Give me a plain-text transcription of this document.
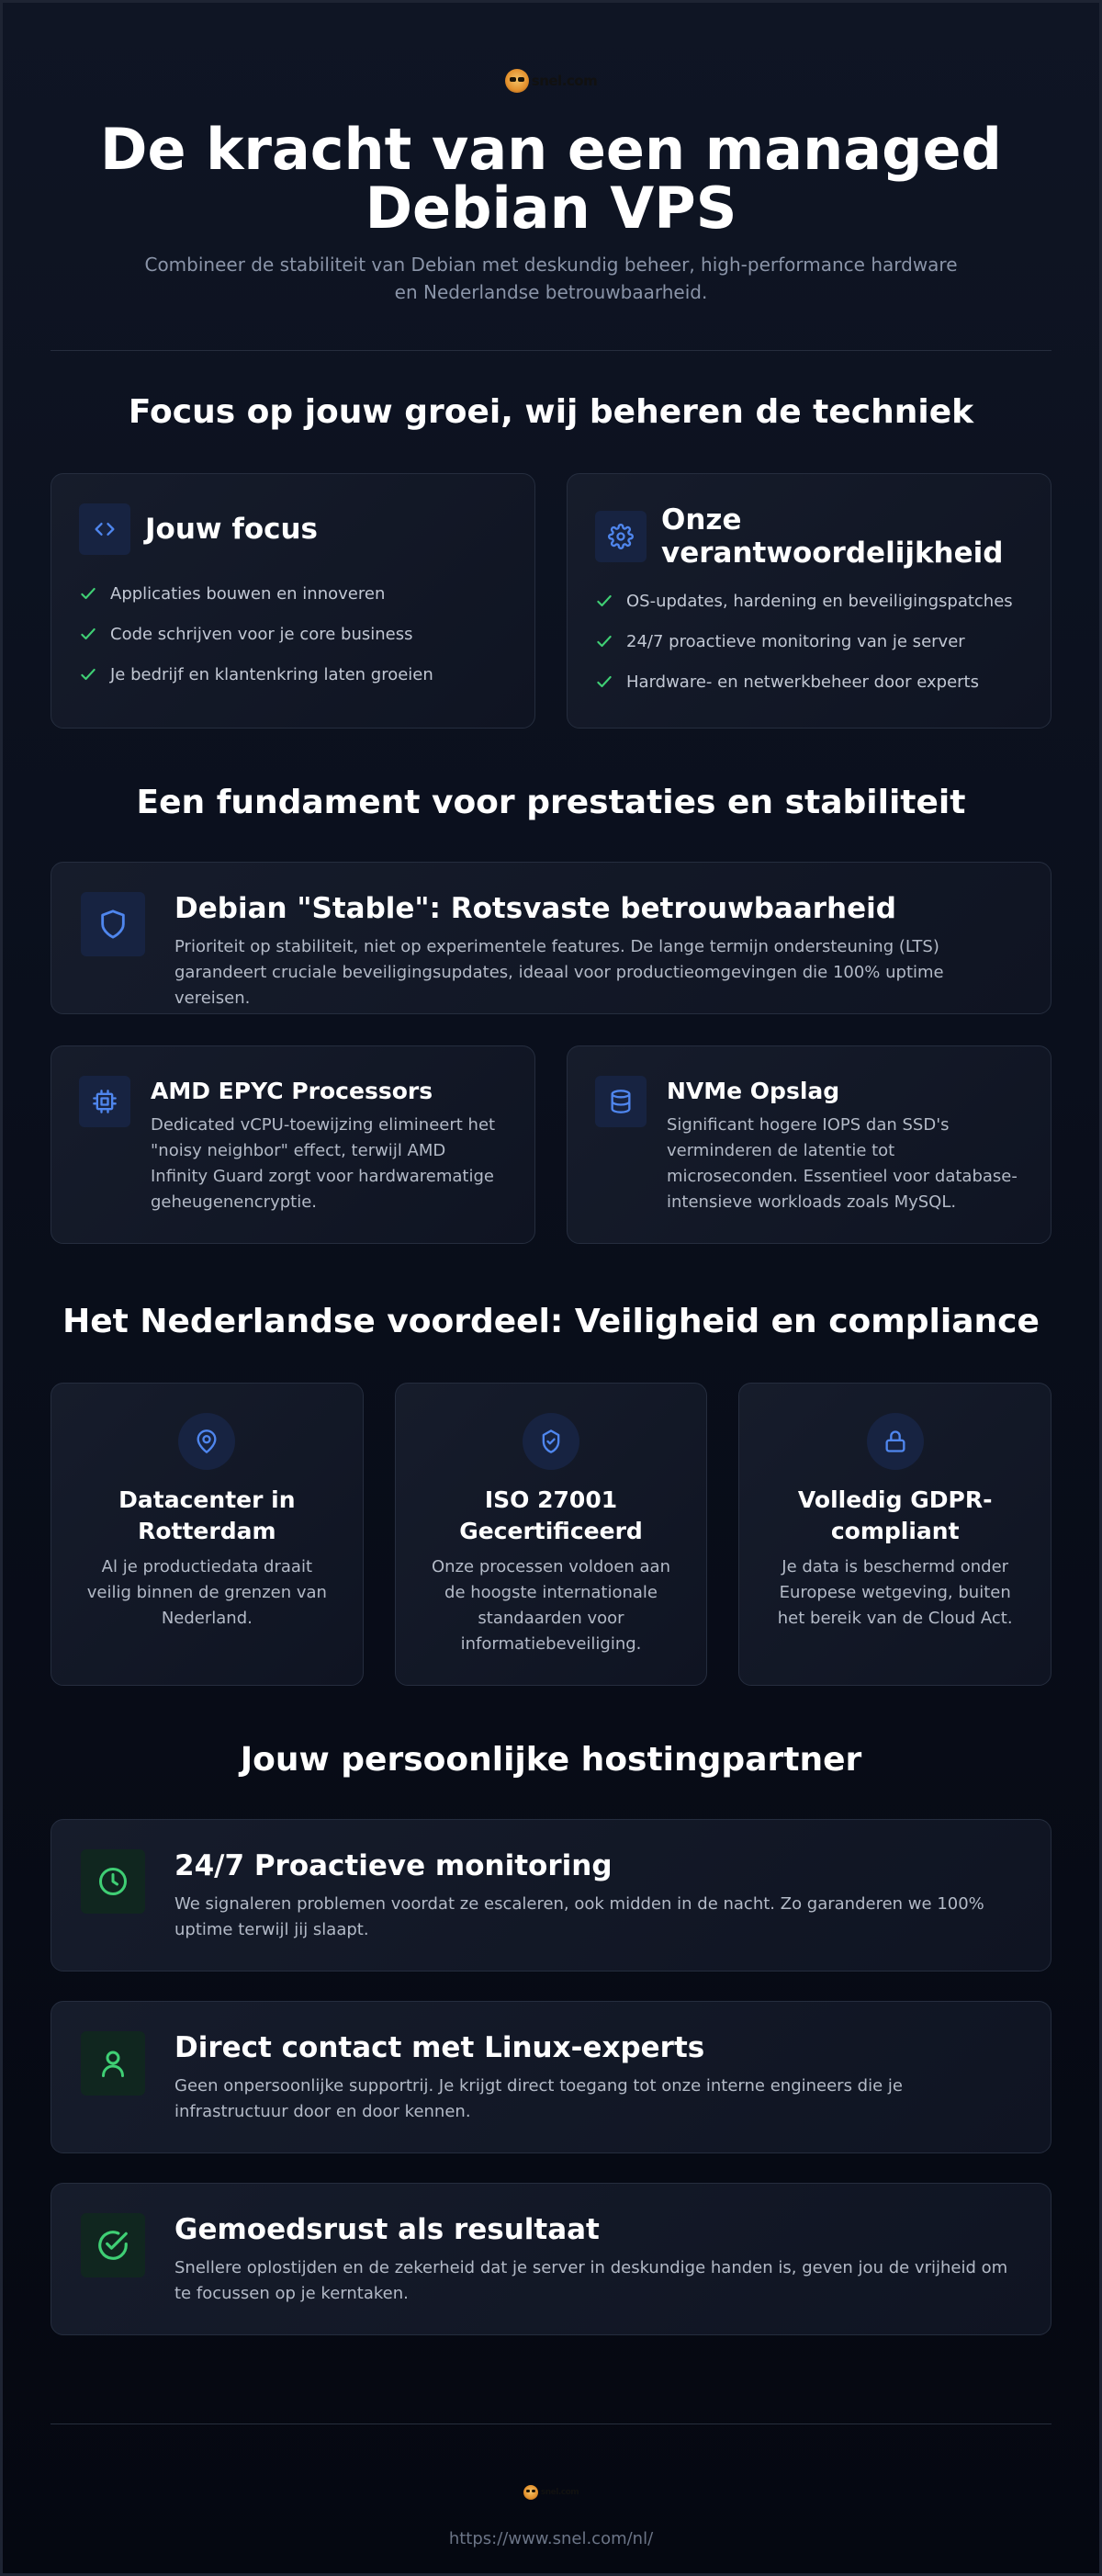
snel.com
De kracht van een managed Debian VPS

Combineer de stabiliteit van Debian met deskundig beheer, high-performance hardware en Nederlandse betrouwbaarheid.

Focus op jouw groei, wij beheren de techniek
Jouw focus
Applicaties bouwen en innoveren
Code schrijven voor je core business
Je bedrijf en klantenkring laten groeien
Onze verantwoordelijkheid
OS-updates, hardening en beveiligingspatches
24/7 proactieve monitoring van je server
Hardware- en netwerkbeheer door experts
Een fundament voor prestaties en stabiliteit
Debian "Stable": Rotsvaste betrouwbaarheid
Prioriteit op stabiliteit, niet op experimentele features. De lange termijn ondersteuning (LTS) garandeert cruciale beveiligingsupdates, ideaal voor productieomgevingen die 100% uptime vereisen.
AMD EPYC Processors
Dedicated vCPU-toewijzing elimineert het "noisy neighbor" effect, terwijl AMD Infinity Guard zorgt voor hardwarematige geheugenencryptie.
NVMe Opslag
Significant hogere IOPS dan SSD's verminderen de latentie tot microseconden. Essentieel voor database-intensieve workloads zoals MySQL.
Het Nederlandse voordeel: Veiligheid en compliance
Datacenter in Rotterdam
Al je productiedata draait veilig binnen de grenzen van Nederland.
ISO 27001 Gecertificeerd
Onze processen voldoen aan de hoogste internationale standaarden voor informatiebeveiliging.
Volledig GDPR-compliant
Je data is beschermd onder Europese wetgeving, buiten het bereik van de Cloud Act.
Jouw persoonlijke hostingpartner
24/7 Proactieve monitoring
We signaleren problemen voordat ze escaleren, ook midden in de nacht. Zo garanderen we 100% uptime terwijl jij slaapt.
Direct contact met Linux-experts
Geen onpersoonlijke supportrij. Je krijgt direct toegang tot onze interne engineers die je infrastructuur door en door kennen.
Gemoedsrust als resultaat
Snellere oplostijden en de zekerheid dat je server in deskundige handen is, geven jou de vrijheid om te focussen op je kerntaken.
snel.com
https://www.snel.com/nl/
